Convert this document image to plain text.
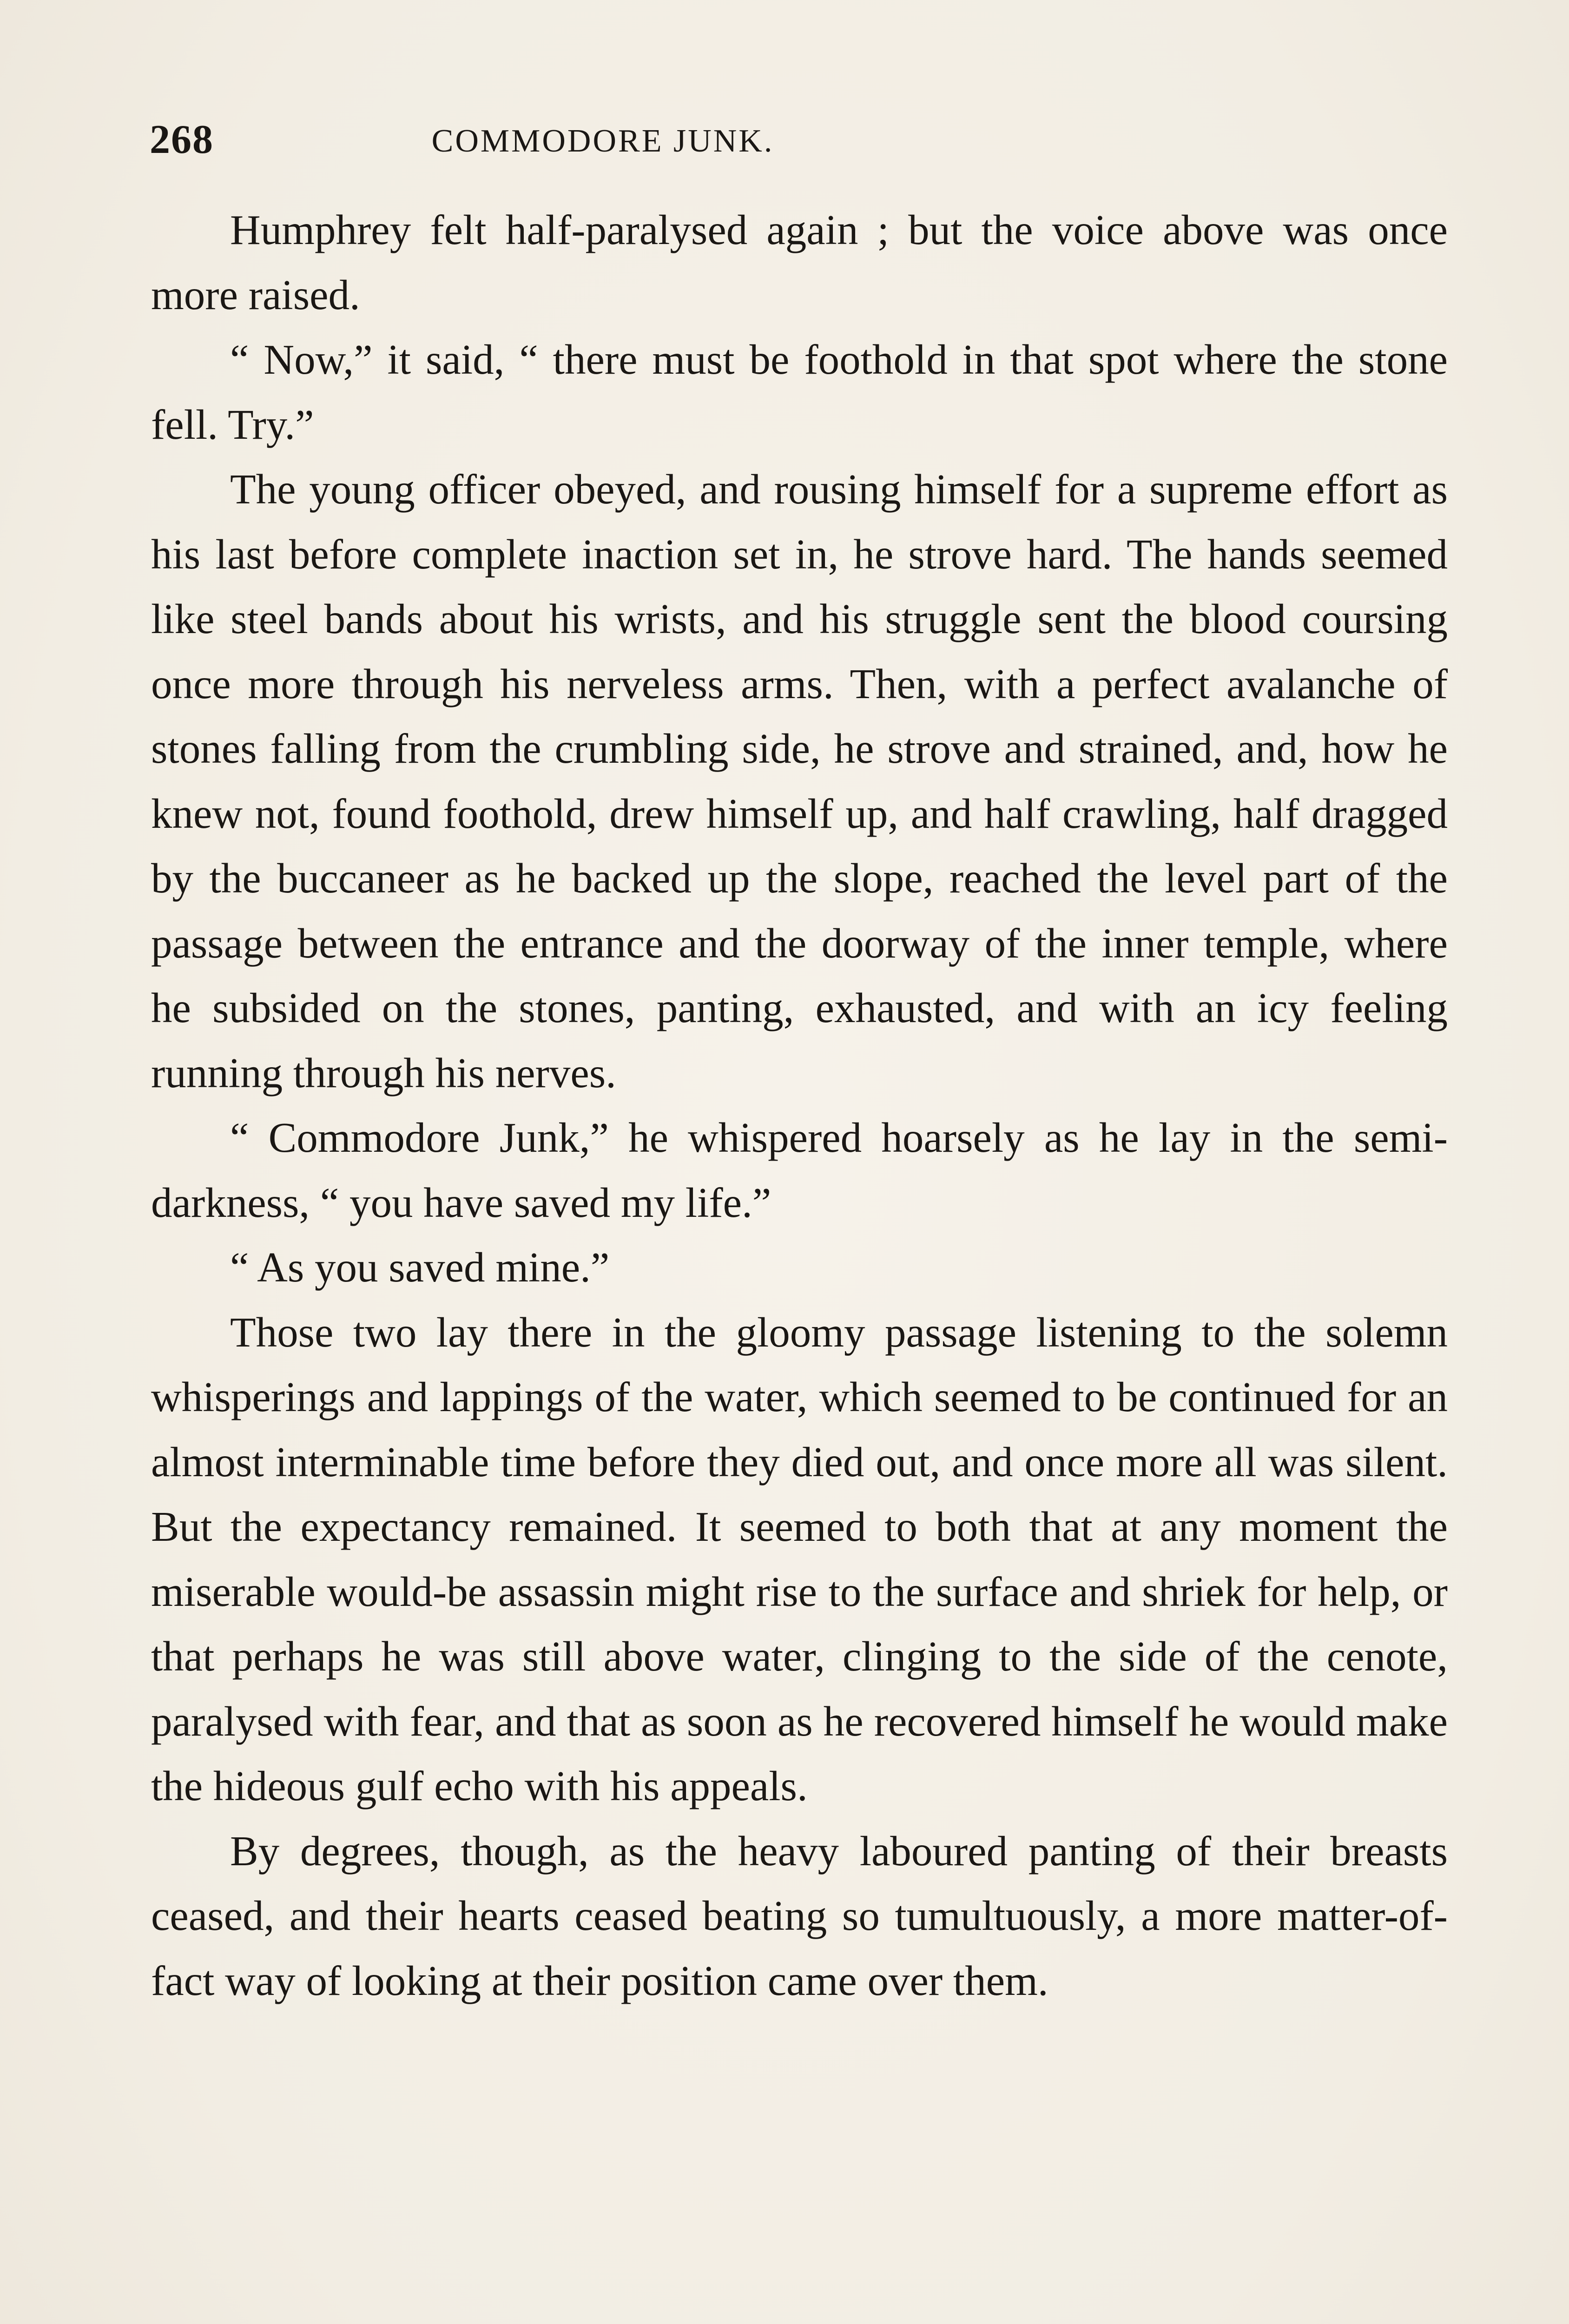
268	COMMODORE JUNK.

Humphrey felt half-paralysed again ; but the voice above was once more raised.

“ Now,” it said, “ there must be foothold in that spot where the stone fell. Try.”

The young officer obeyed, and rousing himself for a supreme effort as his last before complete inaction set in, he strove hard. The hands seemed like steel bands about his wrists, and his struggle sent the blood coursing once more through his nerveless arms. Then, with a perfect avalanche of stones falling from the crumbling side, he strove and strained, and, how he knew not, found foothold, drew himself up, and half crawling, half dragged by the buccaneer as he backed up the slope, reached the level part of the passage between the entrance and the doorway of the inner temple, where he subsided on the stones, panting, exhausted, and with an icy feeling running through his nerves.

“ Commodore Junk,” he whispered hoarsely as he lay in the semi-darkness, “ you have saved my life.”

“ As you saved mine.”

Those two lay there in the gloomy passage listening to the solemn whisperings and lappings of the water, which seemed to be continued for an almost interminable time before they died out, and once more all was silent. But the expectancy remained. It seemed to both that at any moment the miserable would-be assassin might rise to the surface and shriek for help, or that perhaps he was still above water, clinging to the side of the cenote, paralysed with fear, and that as soon as he recovered himself he would make the hideous gulf echo with his appeals.

By degrees, though, as the heavy laboured panting of their breasts ceased, and their hearts ceased beating so tumultuously, a more matter-of-fact way of looking at their position came over them.
